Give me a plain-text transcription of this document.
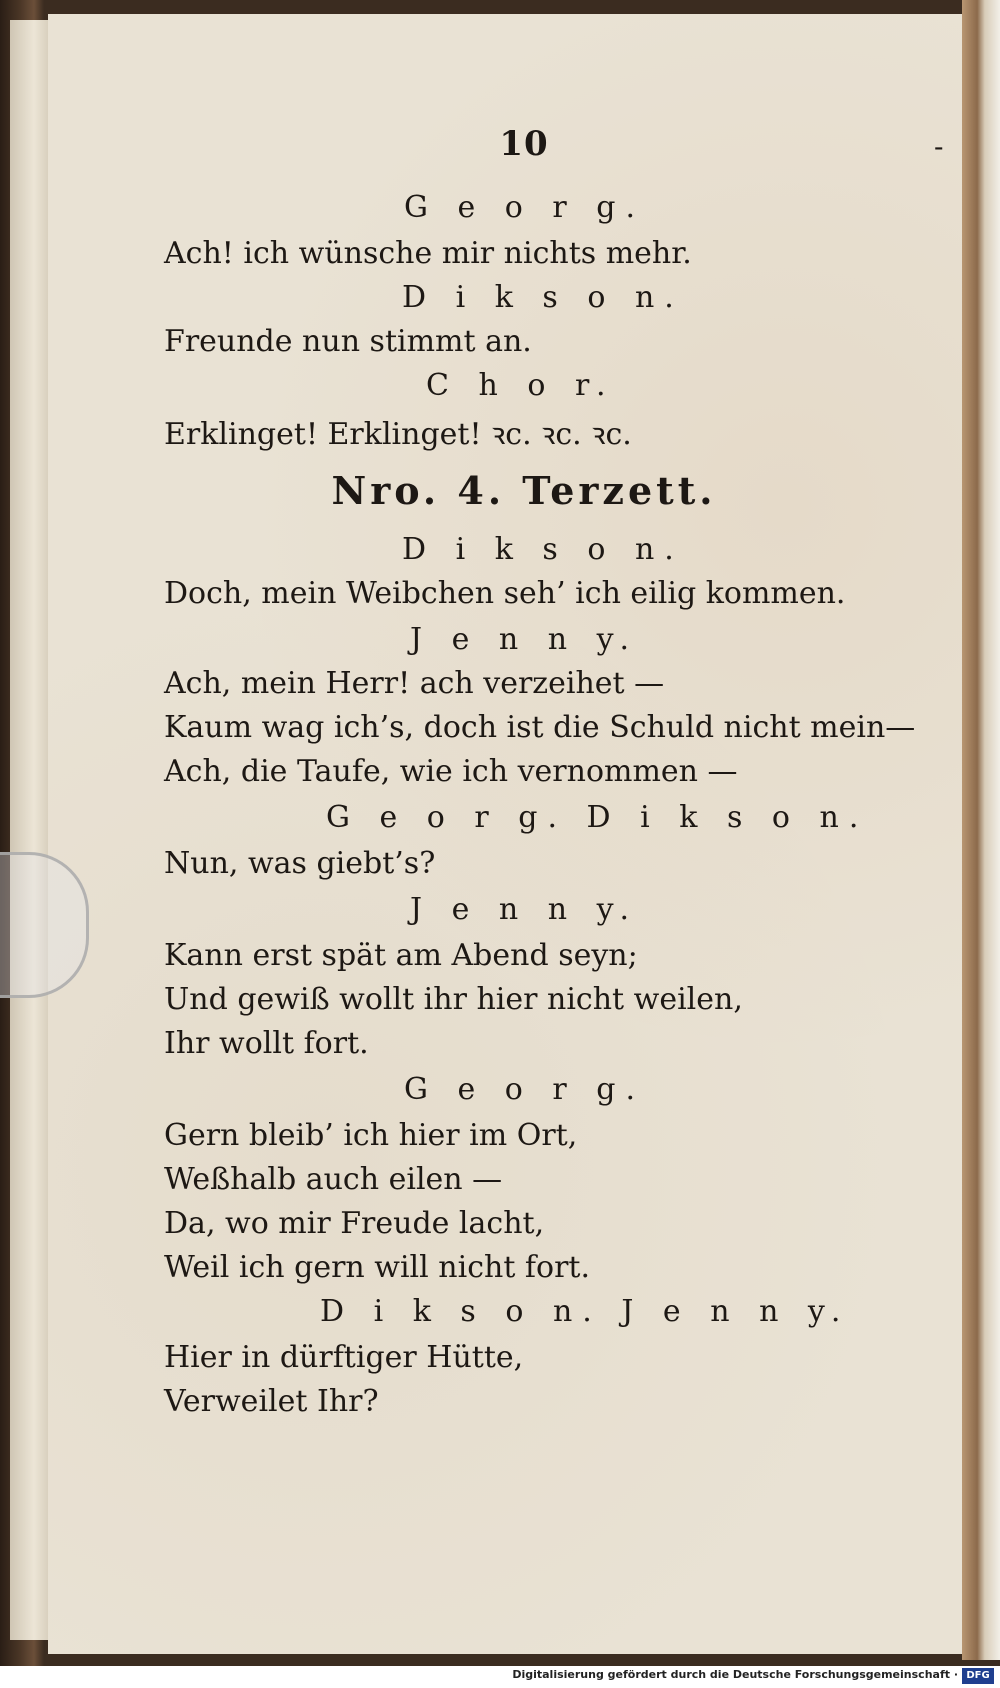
10	-
G e o r g.
Ach! ich wünsche mir nichts mehr.
D i k s o n.
Freunde nun stimmt an.
C h o r.
Erklinget! Erklinget! ꝛc. ꝛc. ꝛc.
Nro. 4. Terzett.
D i k s o n.
Doch, mein Weibchen seh’ ich eilig kommen.
J e n n y.
Ach, mein Herr! ach verzeihet —
Kaum wag ich’s, doch ist die Schuld nicht mein—
Ach, die Taufe, wie ich vernommen —
G e o r g. D i k s o n.
Nun, was giebt’s?
J e n n y.
Kann erst spät am Abend seyn;
Und gewiß wollt ihr hier nicht weilen,
Ihr wollt fort.
G e o r g.
Gern bleib’ ich hier im Ort,
Weßhalb auch eilen —
Da, wo mir Freude lacht,
Weil ich gern will nicht fort.
D i k s o n. J e n n y.
Hier in dürftiger Hütte,
Verweilet Ihr?
Digitalisierung gefördert durch die Deutsche Forschungsgemeinschaft · DFG
